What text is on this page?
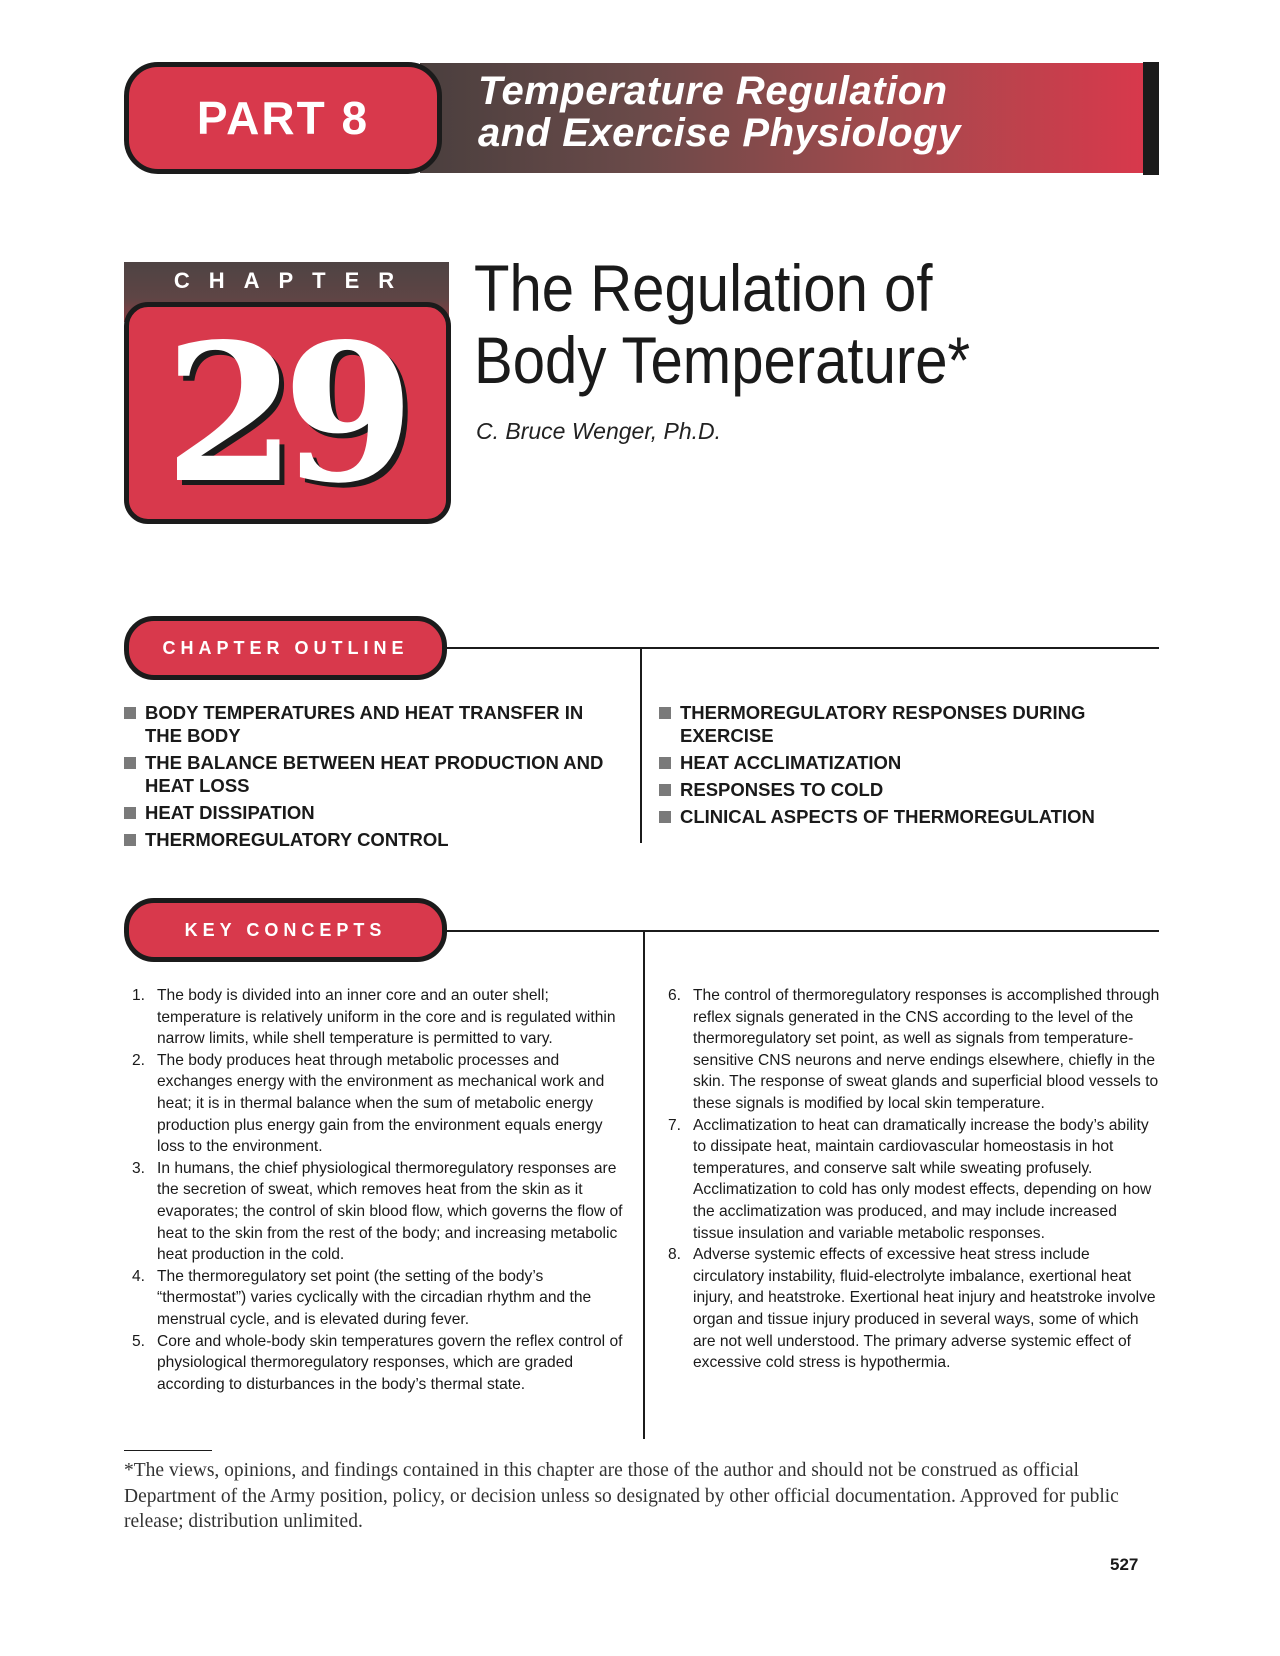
PART 8
Temperature Regulation
and Exercise Physiology
CHAPTER
29
The Regulation of
Body Temperature*
C. Bruce Wenger, Ph.D.
CHAPTER OUTLINE
BODY TEMPERATURES AND HEAT TRANSFER IN THE BODY
THE BALANCE BETWEEN HEAT PRODUCTION AND HEAT LOSS
HEAT DISSIPATION
THERMOREGULATORY CONTROL
THERMOREGULATORY RESPONSES DURING EXERCISE
HEAT ACCLIMATIZATION
RESPONSES TO COLD
CLINICAL ASPECTS OF THERMOREGULATION
KEY CONCEPTS
1. The body is divided into an inner core and an outer shell; temperature is relatively uniform in the core and is regulated within narrow limits, while shell temperature is permitted to vary.
2. The body produces heat through metabolic processes and exchanges energy with the environment as mechanical work and heat; it is in thermal balance when the sum of metabolic energy production plus energy gain from the environment equals energy loss to the environment.
3. In humans, the chief physiological thermoregulatory responses are the secretion of sweat, which removes heat from the skin as it evaporates; the control of skin blood flow, which governs the flow of heat to the skin from the rest of the body; and increasing metabolic heat production in the cold.
4. The thermoregulatory set point (the setting of the body’s “thermostat”) varies cyclically with the circadian rhythm and the menstrual cycle, and is elevated during fever.
5. Core and whole-body skin temperatures govern the reflex control of physiological thermoregulatory responses, which are graded according to disturbances in the body’s thermal state.
6. The control of thermoregulatory responses is accomplished through reflex signals generated in the CNS according to the level of the thermoregulatory set point, as well as signals from temperature-sensitive CNS neurons and nerve endings elsewhere, chiefly in the skin. The response of sweat glands and superficial blood vessels to these signals is modified by local skin temperature.
7. Acclimatization to heat can dramatically increase the body’s ability to dissipate heat, maintain cardiovascular homeostasis in hot temperatures, and conserve salt while sweating profusely. Acclimatization to cold has only modest effects, depending on how the acclimatization was produced, and may include increased tissue insulation and variable metabolic responses.
8. Adverse systemic effects of excessive heat stress include circulatory instability, fluid-electrolyte imbalance, exertional heat injury, and heatstroke. Exertional heat injury and heatstroke involve organ and tissue injury produced in several ways, some of which are not well understood. The primary adverse systemic effect of excessive cold stress is hypothermia.
*The views, opinions, and findings contained in this chapter are those of the author and should not be construed as official Department of the Army position, policy, or decision unless so designated by other official documentation. Approved for public release; distribution unlimited.
527
